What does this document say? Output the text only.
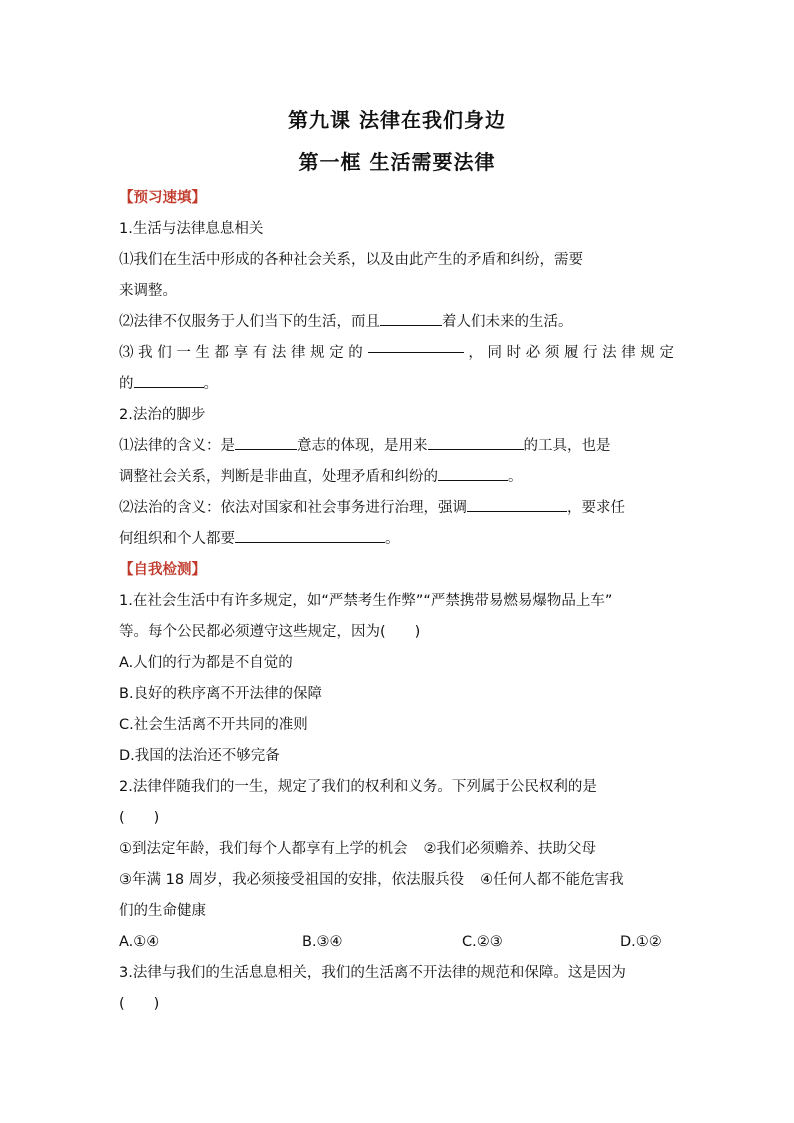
第九课 法律在我们身边
第一框 生活需要法律
【预习速填】
1.生活与法律息息相关
⑴我们在生活中形成的各种社会关系，以及由此产生的矛盾和纠纷，需要
来调整。
⑵法律不仅服务于人们当下的生活，而且	着人们未来的生活。
⑶ 我 们 一 生 都 享 有 法 律 规 定 的	， 同 时 必 须 履 行 法 律 规 定
的	。
2.法治的脚步
⑴法律的含义：是	意志的体现，是用来	的工具，也是
调整社会关系，判断是非曲直，处理矛盾和纠纷的	。
⑵法治的含义：依法对国家和社会事务进行治理，强调	，要求任
何组织和个人都要	。
【自我检测】
1.在社会生活中有许多规定，如“严禁考生作弊”“严禁携带易燃易爆物品上车”
等。每个公民都必须遵守这些规定，因为(　　)
A.人们的行为都是不自觉的
B.良好的秩序离不开法律的保障
C.社会生活离不开共同的准则
D.我国的法治还不够完备
2.法律伴随我们的一生，规定了我们的权利和义务。下列属于公民权利的是
(　　)
①到法定年龄，我们每个人都享有上学的机会 ②我们必须赡养、扶助父母
③年满 18 周岁，我必须接受祖国的安排，依法服兵役 ④任何人都不能危害我
们的生命健康
A.①④	B.③④	C.②③	D.①②
3.法律与我们的生活息息相关，我们的生活离不开法律的规范和保障。这是因为
(　　)
